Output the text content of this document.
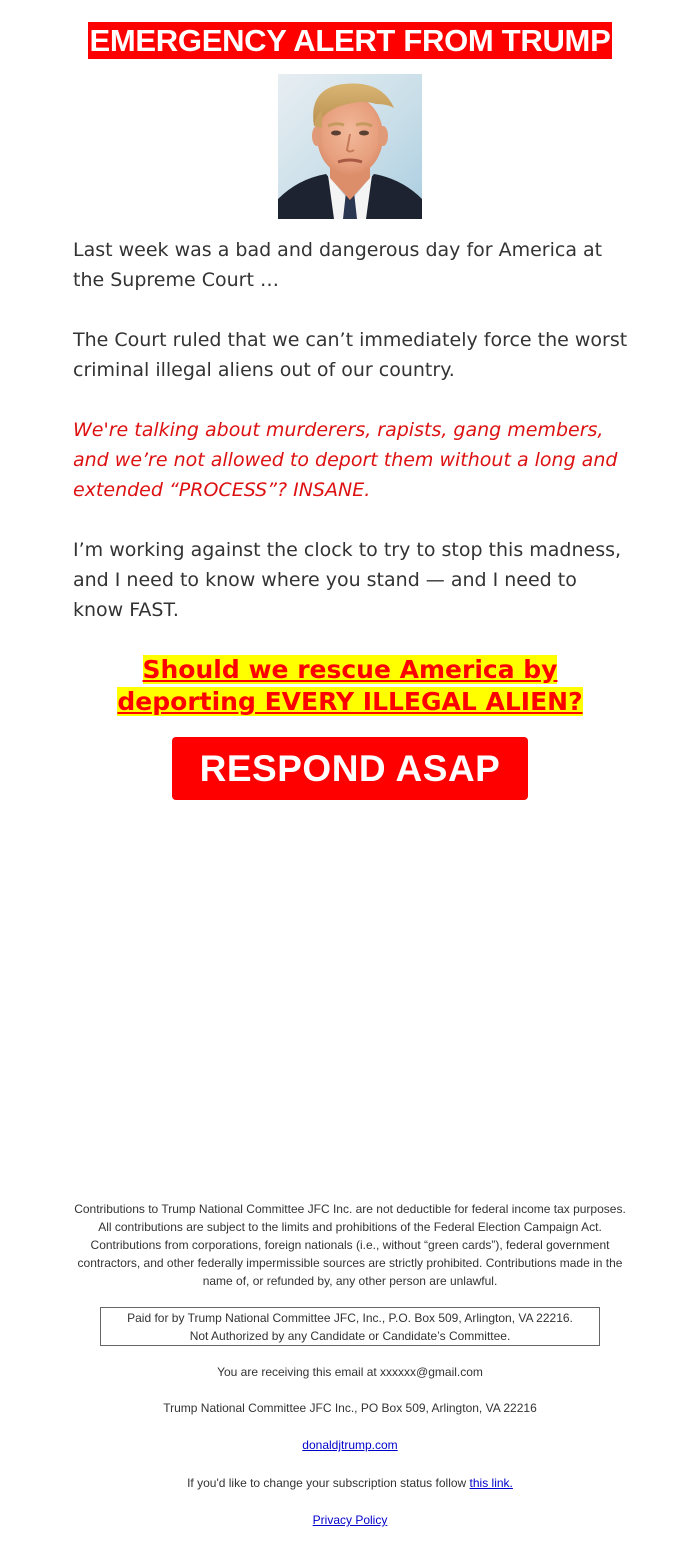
EMERGENCY ALERT FROM TRUMP

Last week was a bad and dangerous day for America at the Supreme Court …

The Court ruled that we can’t immediately force the worst criminal illegal aliens out of our country.

We're talking about murderers, rapists, gang members, and we’re not allowed to deport them without a long and extended “PROCESS”? INSANE.

I’m working against the clock to try to stop this madness, and I need to know where you stand — and I need to know FAST.

Should we rescue America by
deporting EVERY ILLEGAL ALIEN?
RESPOND ASAP

Contributions to Trump National Committee JFC Inc. are not deductible for federal income tax purposes. All contributions are subject to the limits and prohibitions of the Federal Election Campaign Act. Contributions from corporations, foreign nationals (i.e., without “green cards”), federal government contractors, and other federally impermissible sources are strictly prohibited. Contributions made in the name of, or refunded by, any other person are unlawful.

Paid for by Trump National Committee JFC, Inc., P.O. Box 509, Arlington, VA 22216.
Not Authorized by any Candidate or Candidate’s Committee.

You are receiving this email at xxxxxx@gmail.com

Trump National Committee JFC Inc., PO Box 509, Arlington, VA 22216

donaldjtrump.com

If you'd like to change your subscription status follow this link.

Privacy Policy
